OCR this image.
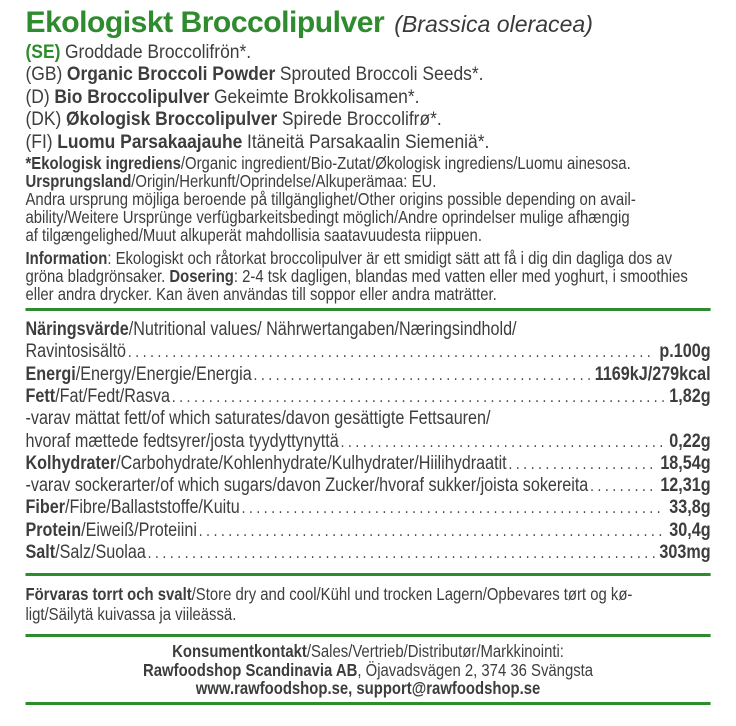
Ekologiskt Broccolipulver (Brassica oleracea)
(SE) Groddade Broccolifrön*.
(GB) Organic Broccoli Powder Sprouted Broccoli Seeds*.
(D) Bio Broccolipulver Gekeimte Brokkolisamen*.
(DK) Økologisk Broccolipulver Spirede Broccolifrø*.
(FI) Luomu Parsakaajauhe Itäneitä Parsakaalin Siemeniä*.
*Ekologisk ingrediens/Organic ingredient/Bio-Zutat/Økologisk ingrediens/Luomu ainesosa.
Ursprungsland/Origin/Herkunft/Oprindelse/Alkuperämaa: EU.
Andra ursprung möjliga beroende på tillgänglighet/Other origins possible depending on avail-
ability/Weitere Ursprünge verfügbarkeitsbedingt möglich/Andre oprindelser mulige afhængig
af tilgængelighed/Muut alkuperät mahdollisia saatavuudesta riippuen.
Information: Ekologiskt och råtorkat broccolipulver är ett smidigt sätt att få i dig din dagliga dos av gröna bladgrönsaker. Dosering: 2-4 tsk dagligen, blandas med vatten eller med yoghurt, i smoothies eller andra drycker. Kan även användas till soppor eller andra maträtter.
Näringsvärde /Nutritional values/ Nährwertangaben/Næringsindhold/
Ravintosisältö .....	p.100g
Energi /Energy/Energie/Energia .....	1169kJ/279kcal
Fett /Fat/Fedt/Rasva .....	1,82g
-varav mättat fett/of which saturates/davon gesättigte Fettsauren/
hvoraf mættede fedtsyrer/josta tyydyttynyttä .....	0,22g
Kolhydrater /Carbohydrate/Kohlenhydrate/Kulhydrater/Hiilihydraatit .....	18,54g
-varav sockerarter/of which sugars/davon Zucker/hvoraf sukker/joista sokereita .....	12,31g
Fiber /Fibre/Ballaststoffe/Kuitu .....	33,8g
Protein /Eiweiß/Proteiini .....	30,4g
Salt /Salz/Suolaa .....	303mg
Förvaras torrt och svalt/Store dry and cool/Kühl und trocken Lagern/Opbevares tørt og kø-
ligt/Säilytä kuivassa ja viileässä.
Konsumentkontakt/Sales/Vertrieb/Distributør/Markkinointi:
Rawfoodshop Scandinavia AB, Öjavadsvägen 2, 374 36 Svängsta
www.rawfoodshop.se, support@rawfoodshop.se
